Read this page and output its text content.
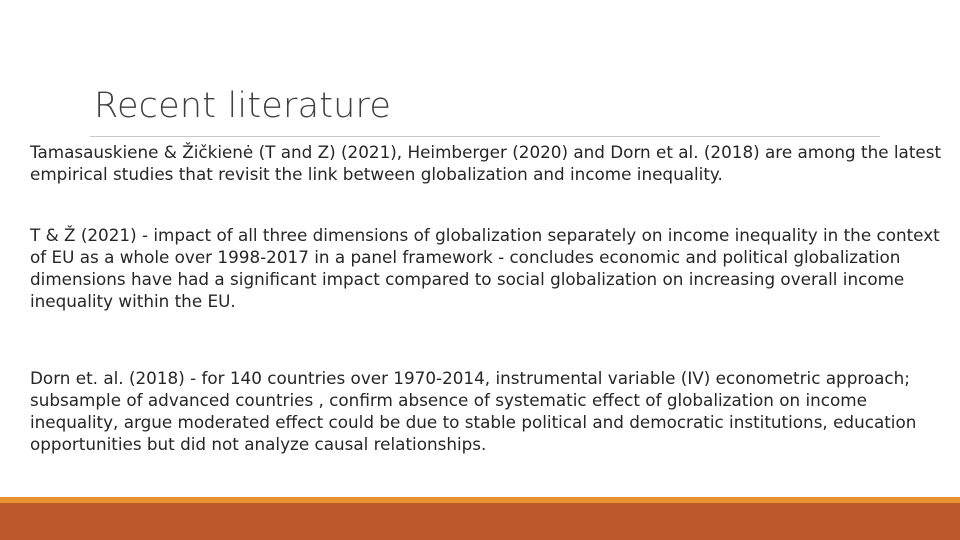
Recent literature

Tamasauskiene & Žičkienė (T and Z) (2021), Heimberger (2020) and Dorn et al. (2018) are among the latest empirical studies that revisit the link between globalization and income inequality.

T & Ž (2021) - impact of all three dimensions of globalization separately on income inequality in the context of EU as a whole over 1998-2017 in a panel framework - concludes economic and political globalization dimensions have had a significant impact compared to social globalization on increasing overall income inequality within the EU.

Dorn et. al. (2018) - for 140 countries over 1970-2014, instrumental variable (IV) econometric approach; subsample of advanced countries , confirm absence of systematic effect of globalization on income inequality, argue moderated effect could be due to stable political and democratic institutions, education opportunities but did not analyze causal relationships.
